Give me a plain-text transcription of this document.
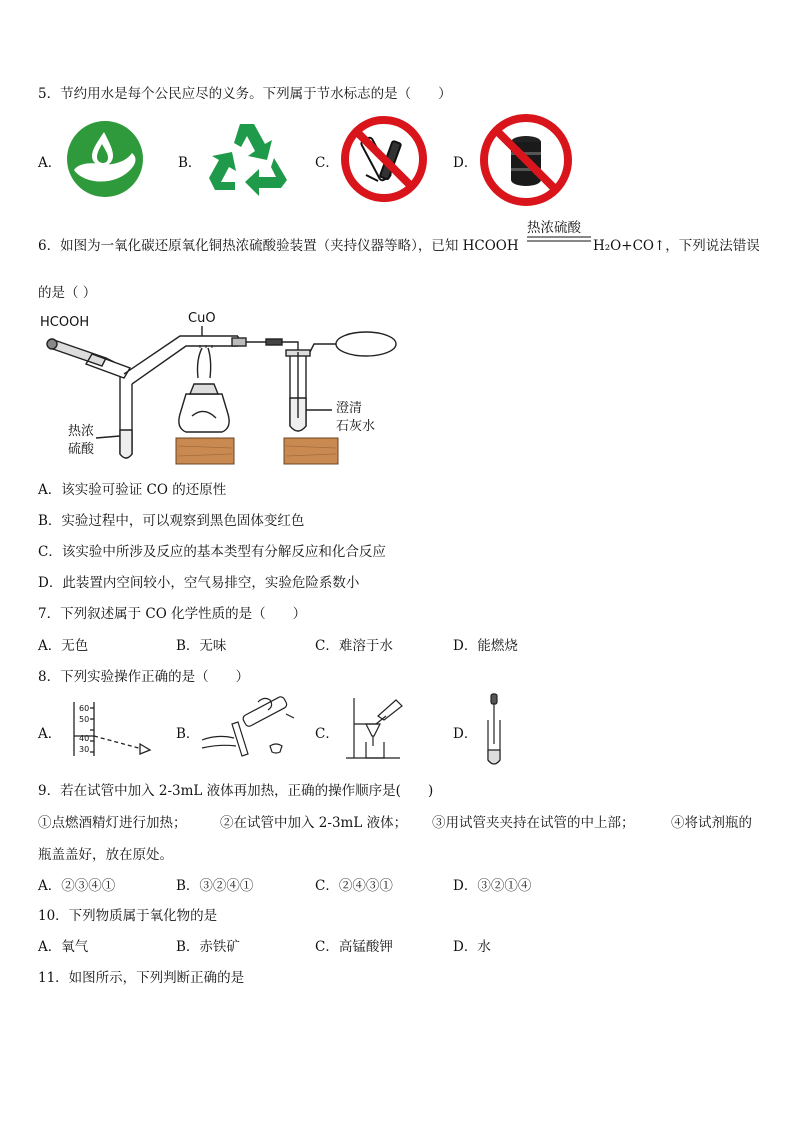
5．节约用水是每个公民应尽的义务。下列属于节水标志的是（　　）
A．	B．	C．	D．
6．如图为一氧化碳还原氧化铜热浓硫酸验装置（夹持仪器等略），已知 HCOOH
热浓硫酸
H₂O+CO↑，下列说法错误
的是（ ）
HCOOH	CuO
热浓
硫酸
澄清
石灰水
A．该实验可验证 CO 的还原性
B．实验过程中，可以观察到黑色固体变红色
C．该实验中所涉及反应的基本类型有分解反应和化合反应
D．此装置内空间较小，空气易排空，实验危险系数小
7．下列叙述属于 CO 化学性质的是（　　）
A．无色	B．无味	C．难溶于水	D．能燃烧
8．下列实验操作正确的是（　　）
A．
60
50
40
30
B．	C．	D．
9．若在试管中加入 2-3mL 液体再加热，正确的操作顺序是(　　)
①点燃酒精灯进行加热； ②在试管中加入 2-3mL 液体； ③用试管夹夹持在试管的中上部；	④将试剂瓶的
瓶盖盖好，放在原处。
A．②③④①	B．③②④①	C．②④③①	D．③②①④
10．下列物质属于氧化物的是
A．氧气	B．赤铁矿	C．高锰酸钾	D．水
11．如图所示，下列判断正确的是
